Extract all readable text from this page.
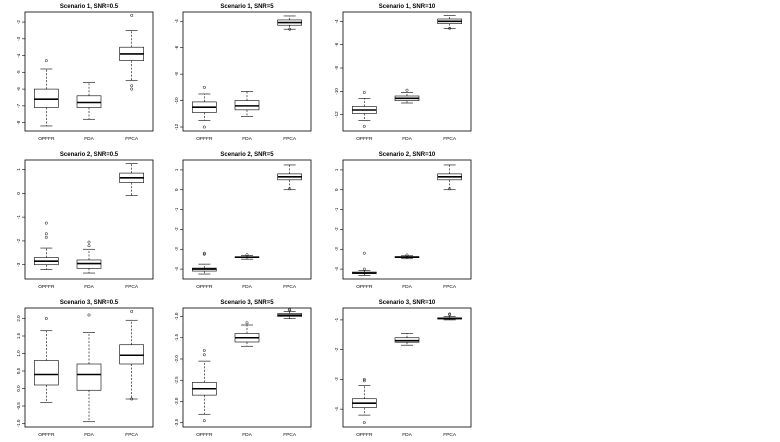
Scenario 1, SNR=0.5
-8
-7
-6
-5
-4
-3
-2
OPFFR	FDA	FPCA
Scenario 1, SNR=5
-12
-10
-8
-6
-4
OPFFR	FDA	FPCA
Scenario 1, SNR=10
-12
-10
-8
-6
-4
OPFFR	FDA	FPCA
Scenario 2, SNR=0.5
-3
-2
-1
0
1
OPFFR	FDA	FPCA
Scenario 2, SNR=5
-4
-3
-2
-1
0
1
OPFFR	FDA	FPCA
Scenario 2, SNR=10
-4
-3
-2
-1
0
1
OPFFR	FDA	FPCA
Scenario 3, SNR=0.5
-1.0
-0.5
0.0
0.5
1.0
1.5
2.0
OPFFR	FDA	FPCA
Scenario 3, SNR=5
-3.5
-3.0
-2.5
-2.0
-1.5
-1.0
OPFFR	FDA	FPCA
Scenario 3, SNR=10
-4
-3
-2
-1
OPFFR	FDA	FPCA
